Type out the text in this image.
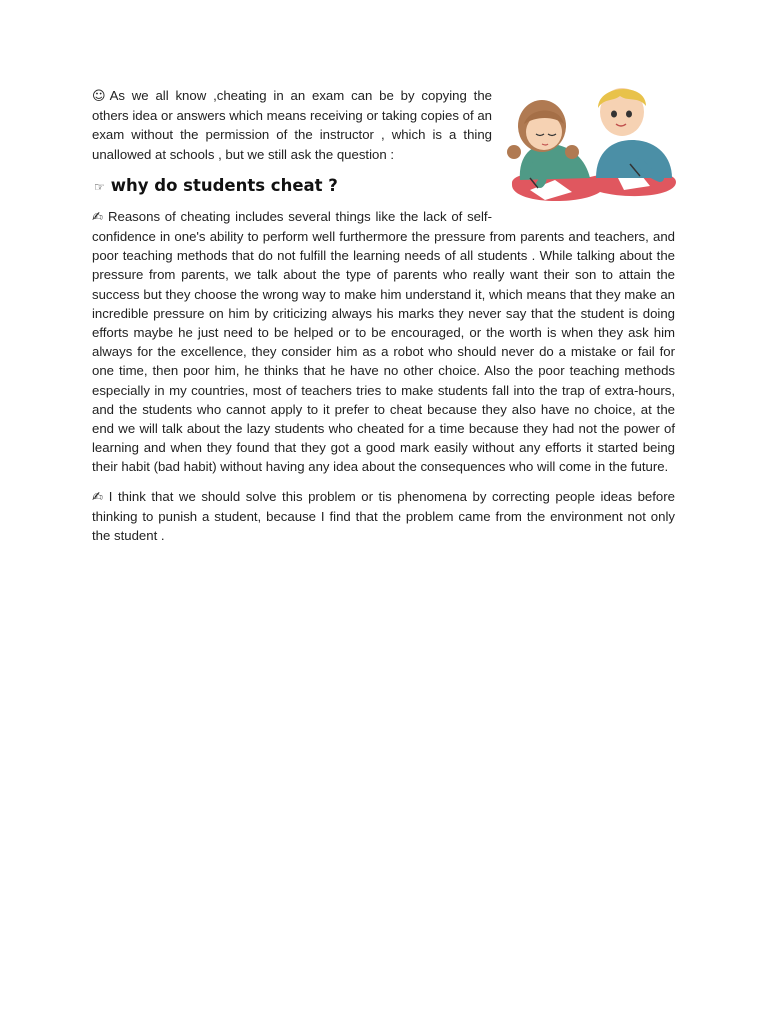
☺ As we all know ,cheating in an exam can be by copying the others idea or answers which means receiving or taking copies of an exam without the permission of the instructor , which is a thing unallowed at schools , but we still ask the question :

☞ why do students cheat ?

✍ Reasons of cheating includes several things like the lack of self-confidence in one's ability to perform well furthermore the pressure from parents and teachers, and poor teaching methods that do not fulfill the learning needs of all students . While talking about the pressure from parents, we talk about the type of parents who really want their son to attain the success but they choose the wrong way to make him understand it, which means that they make an incredible pressure on him by criticizing always his marks they never say that the student is doing efforts maybe he just need to be helped or to be encouraged, or the worth is when they ask him always for the excellence, they consider him as a robot who should never do a mistake or fail for one time, then poor him, he thinks that he have no other choice. Also the poor teaching methods especially in my countries, most of teachers tries to make students fall into the trap of extra-hours, and the students who cannot apply to it prefer to cheat because they also have no choice, at the end we will talk about the lazy students who cheated for a time because they had not the power of learning and when they found that they got a good mark easily without any efforts it started being their habit (bad habit) without having any idea about the consequences who will come in the future.

✍ I think that we should solve this problem or tis phenomena by correcting people ideas before thinking to punish a student, because I find that the problem came from the environment not only the student .
